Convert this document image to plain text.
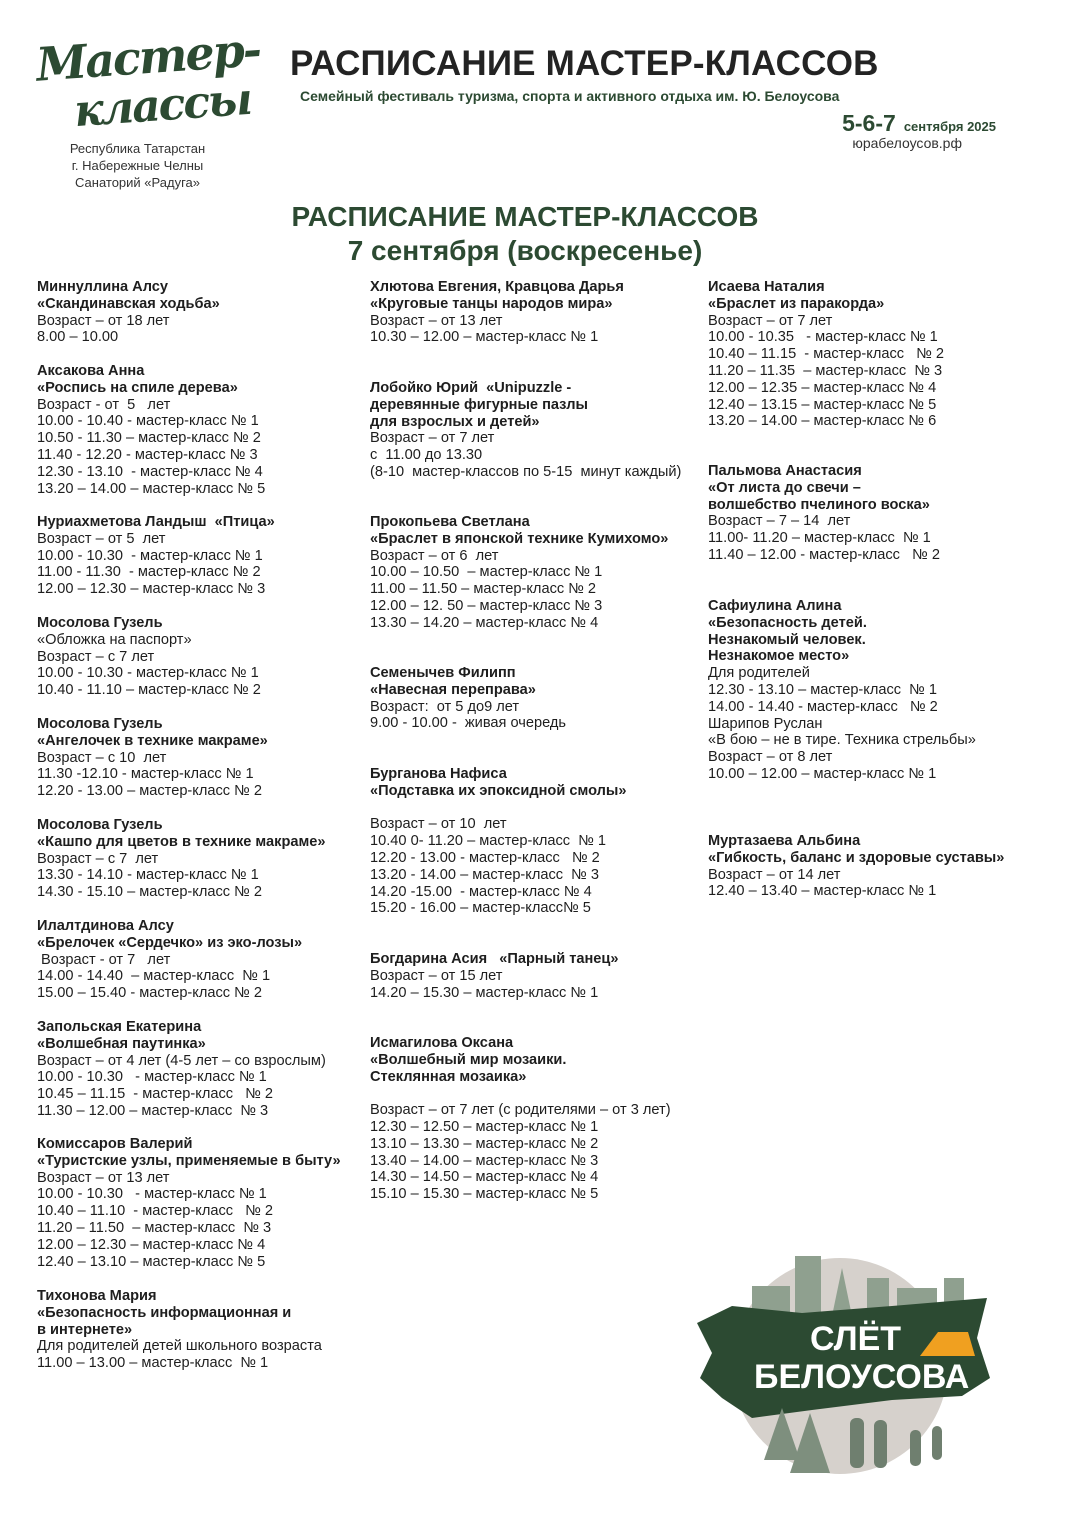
Мастер-
классы
Республика Татарстан
г. Набережные Челны
Санаторий «Радуга»
РАСПИСАНИЕ МАСТЕР-КЛАССОВ
Семейный фестиваль туризма, спорта и активного отдыха им. Ю. Белоусова
5-6-7 сентября 2025
юрабелоусов.рф
РАСПИСАНИЕ МАСТЕР-КЛАССОВ
7 сентября (воскресенье)
Миннуллина Алсу
«Скандинавская ходьба»
Возраст – от 18 лет
8.00 – 10.00
Аксакова Анна
«Роспись на спиле дерева»
Возраст - от  5   лет
10.00 - 10.40 - мастер-класс № 1
10.50 - 11.30 – мастер-класс № 2
11.40 - 12.20 - мастер-класс № 3
12.30 - 13.10  - мастер-класс № 4
13.20 – 14.00 – мастер-класс № 5
Нуриахметова Ландыш  «Птица»
Возраст – от 5  лет
10.00 - 10.30  - мастер-класс № 1
11.00 - 11.30  - мастер-класс № 2
12.00 – 12.30 – мастер-класс № 3
Мосолова Гузель
«Обложка на паспорт»
Возраст – с 7 лет
10.00 - 10.30 - мастер-класс № 1
10.40 - 11.10 – мастер-класс № 2
Мосолова Гузель
«Ангелочек в технике макраме»
Возраст – с 10  лет
11.30 -12.10 - мастер-класс № 1
12.20 - 13.00 – мастер-класс № 2
Мосолова Гузель
«Кашпо для цветов в технике макраме»
Возраст – с 7  лет
13.30 - 14.10 - мастер-класс № 1
14.30 - 15.10 – мастер-класс № 2
Илалтдинова Алсу
«Брелочек «Сердечко» из эко-лозы»
Возраст - от 7   лет
14.00 - 14.40  – мастер-класс  № 1
15.00 – 15.40 - мастер-класс № 2
Запольская Екатерина
«Волшебная паутинка»
Возраст – от 4 лет (4-5 лет – со взрослым)
10.00 - 10.30   - мастер-класс № 1
10.45 – 11.15  - мастер-класс   № 2
11.30 – 12.00 – мастер-класс  № 3
Комиссаров Валерий
«Туристские узлы, применяемые в быту»
Возраст – от 13 лет
10.00 - 10.30   - мастер-класс № 1
10.40 – 11.10  - мастер-класс   № 2
11.20 – 11.50  – мастер-класс  № 3
12.00 – 12.30 – мастер-класс № 4
12.40 – 13.10 – мастер-класс № 5
Тихонова Мария
«Безопасность информационная и
в интернете»
Для родителей детей школьного возраста
11.00 – 13.00 – мастер-класс  № 1
Хлютова Евгения, Кравцова Дарья
«Круговые танцы народов мира»
Возраст – от 13 лет
10.30 – 12.00 – мастер-класс № 1
Лобойко Юрий  «Unipuzzle -
деревянные фигурные пазлы
для взрослых и детей»
Возраст – от 7 лет
с  11.00 до 13.30
(8-10  мастер-классов по 5-15  минут каждый)
Прокопьева Светлана
«Браслет в японской технике Кумихомо»
Возраст – от 6  лет
10.00 – 10.50  – мастер-класс № 1
11.00 – 11.50 – мастер-класс № 2
12.00 – 12. 50 – мастер-класс № 3
13.30 – 14.20 – мастер-класс № 4
Семенычев Филипп
«Навесная переправа»
Возраст:  от 5 до9 лет
9.00 - 10.00 -  живая очередь
Бурганова Нафиса
«Подставка их эпоксидной смолы»
Возраст – от 10  лет
10.40 0- 11.20 – мастер-класс  № 1
12.20 - 13.00 - мастер-класс   № 2
13.20 - 14.00 – мастер-класс  № 3
14.20 -15.00  - мастер-класс № 4
15.20 - 16.00 – мастер-класс№ 5
Богдарина Асия   «Парный танец»
Возраст – от 15 лет
14.20 – 15.30 – мастер-класс № 1
Исмагилова Оксана
«Волшебный мир мозаики.
Стеклянная мозаика»
Возраст – от 7 лет (с родителями – от 3 лет)
12.30 – 12.50 – мастер-класс № 1
13.10 – 13.30 – мастер-класс № 2
13.40 – 14.00 – мастер-класс № 3
14.30 – 14.50 – мастер-класс № 4
15.10 – 15.30 – мастер-класс № 5
Исаева Наталия
«Браслет из паракорда»
Возраст – от 7 лет
10.00 - 10.35   - мастер-класс № 1
10.40 – 11.15  - мастер-класс   № 2
11.20 – 11.35  – мастер-класс  № 3
12.00 – 12.35 – мастер-класс № 4
12.40 – 13.15 – мастер-класс № 5
13.20 – 14.00 – мастер-класс № 6
Пальмова Анастасия
«От листа до свечи –
волшебство пчелиного воска»
Возраст – 7 – 14  лет
11.00- 11.20 – мастер-класс  № 1
11.40 – 12.00 - мастер-класс   № 2
Сафиулина Алина
«Безопасность детей.
Незнакомый человек.
Незнакомое место»
Для родителей
12.30 - 13.10 – мастер-класс  № 1
14.00 - 14.40 - мастер-класс   № 2
Шарипов Руслан
«В бою – не в тире. Техника стрельбы»
Возраст – от 8 лет
10.00 – 12.00 – мастер-класс № 1
Муртазаева Альбина
«Гибкость, баланс и здоровые суставы»
Возраст – от 14 лет
12.40 – 13.40 – мастер-класс № 1
СЛЁТ
БЕЛОУСОВА
